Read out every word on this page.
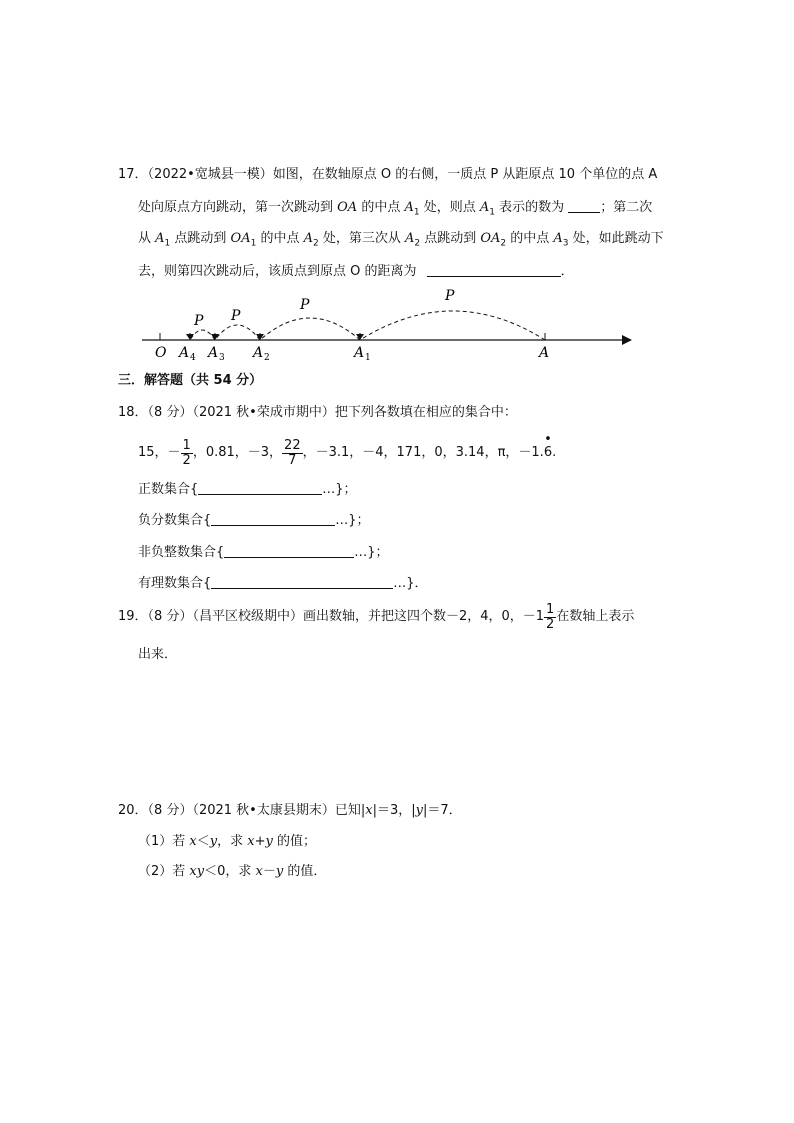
17．（2022•宽城县一模）如图，在数轴原点 O 的右侧，一质点 P 从距原点 10 个单位的点 A
处向原点方向跳动，第一次跳动到 OA 的中点 $A_1$ 处，则点 $A_1$ 表示的数为	；第二次
从 $A_1$ 点跳动到 $OA_1$ 的中点 $A_2$ 处，第三次从 $A_2$ 点跳动到 $OA_2$ 的中点 $A_3$ 处，如此跳动下
去，则第四次跳动后，该质点到原点 O 的距离为	．
P
P
P
P
O A 4 A 3 A 2	A 1	A
三．解答题（共 54 分）
18．（8 分）（2021 秋•荣成市期中）把下列各数填在相应的集合中：
15，－ $\frac{1}{2}$ ，0.81，－3， $\frac{22}{7}$ ，－3.1，－4，171，0，3.14，π，－1.
•
6 .
正数集合{	…}；
负分数集合{	…}；
非负整数集合{	…}；
有理数集合{	…}．
19．（8 分）（昌平区校级期中）画出数轴，并把这四个数－2，4，0，$-1 \frac{1}{2}$ 在数轴上表示
出来．
20．（8 分）（2021 秋•太康县期末）已知|x|＝3，|y|＝7．
（1）若 x＜y，求 x+y 的值；
（2）若 xy＜0，求 x－y 的值．
